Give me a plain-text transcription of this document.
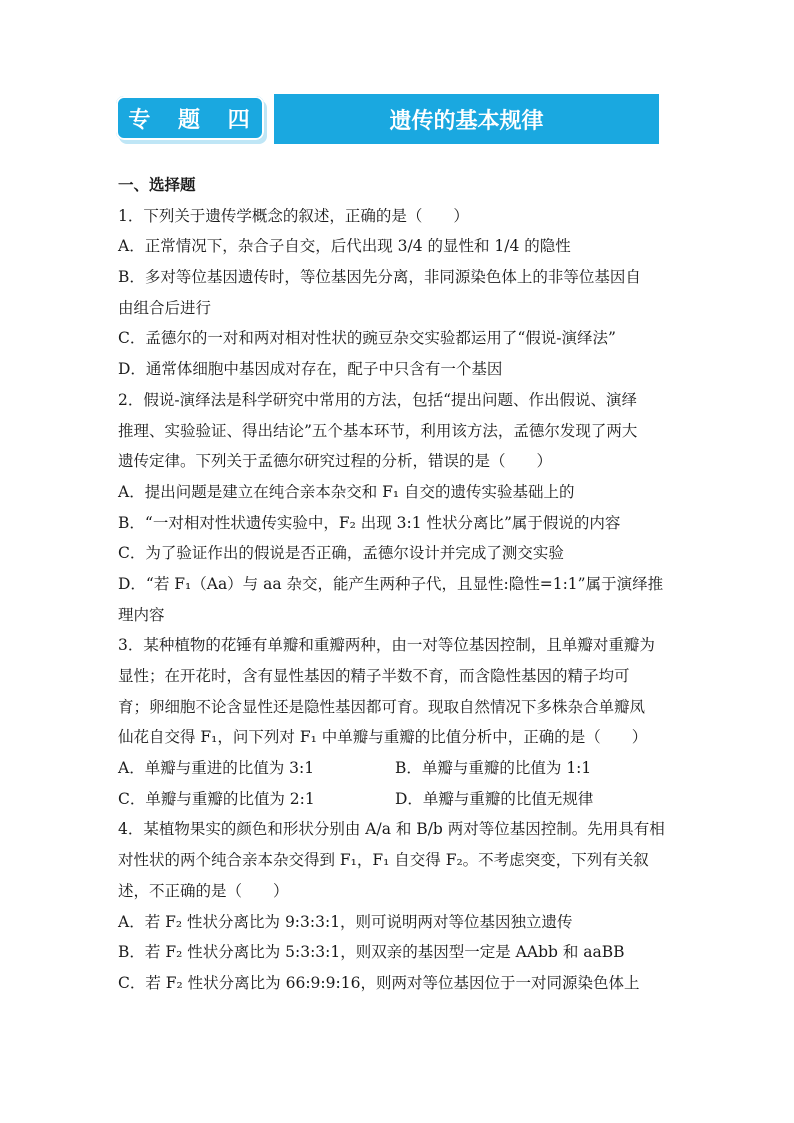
专 题 四	遗传的基本规律
一、选择题
1．下列关于遗传学概念的叙述，正确的是（　　）
A．正常情况下，杂合子自交，后代出现 3/4 的显性和 1/4 的隐性
B．多对等位基因遗传时，等位基因先分离，非同源染色体上的非等位基因自
由组合后进行
C．孟德尔的一对和两对相对性状的豌豆杂交实验都运用了“假说-演绎法”
D．通常体细胞中基因成对存在，配子中只含有一个基因
2．假说-演绎法是科学研究中常用的方法，包括“提出问题、作出假说、演绎
推理、实验验证、得出结论”五个基本环节，利用该方法，孟德尔发现了两大
遗传定律。下列关于孟德尔研究过程的分析，错误的是（　　）
A．提出问题是建立在纯合亲本杂交和 F₁ 自交的遗传实验基础上的
B．“一对相对性状遗传实验中，F₂ 出现 3:1 性状分离比”属于假说的内容
C．为了验证作出的假说是否正确，孟德尔设计并完成了测交实验
D．“若 F₁（Aa）与 aa 杂交，能产生两种子代，且显性:隐性=1:1”属于演绎推
理内容
3．某种植物的花锤有单瓣和重瓣两种，由一对等位基因控制，且单瓣对重瓣为
显性；在开花时，含有显性基因的精子半数不育，而含隐性基因的精子均可
育；卵细胞不论含显性还是隐性基因都可育。现取自然情况下多株杂合单瓣凤
仙花自交得 F₁，问下列对 F₁ 中单瓣与重瓣的比值分析中，正确的是（　　）
A．单瓣与重进的比值为 3:1	B．单瓣与重瓣的比值为 1:1
C．单瓣与重瓣的比值为 2:1	D．单瓣与重瓣的比值无规律
4．某植物果实的颜色和形状分别由 A/a 和 B/b 两对等位基因控制。先用具有相
对性状的两个纯合亲本杂交得到 F₁，F₁ 自交得 F₂。不考虑突变，下列有关叙
述，不正确的是（　　）
A．若 F₂ 性状分离比为 9:3:3:1，则可说明两对等位基因独立遗传
B．若 F₂ 性状分离比为 5:3:3:1，则双亲的基因型一定是 AAbb 和 aaBB
C．若 F₂ 性状分离比为 66:9:9:16，则两对等位基因位于一对同源染色体上
